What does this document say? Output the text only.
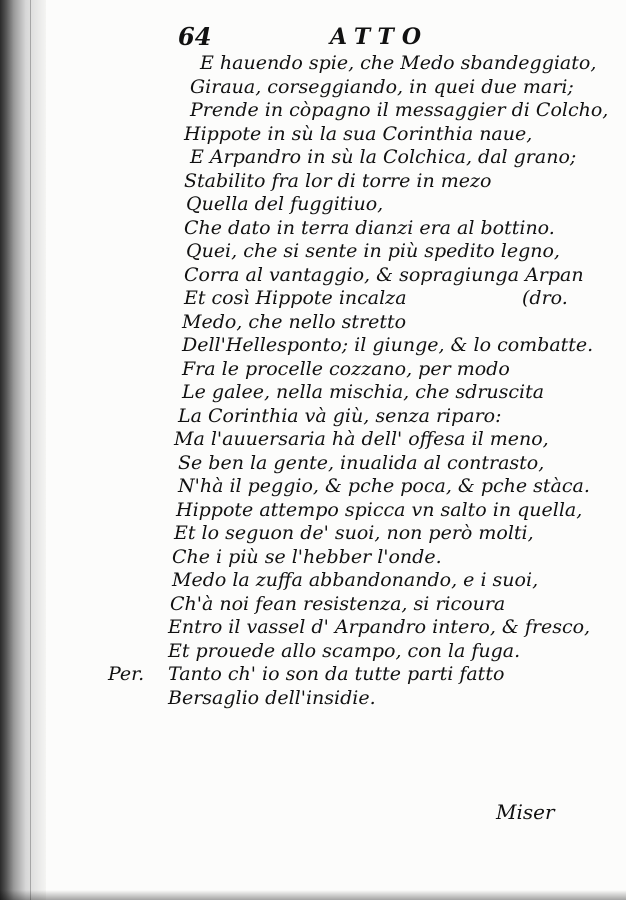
64	ATTO
E hauendo spie, che Medo sbandeggiato,
Giraua, corseggiando, in quei due mari;
Prende in còpagno il messaggier di Colcho,
Hippote in sù la sua Corinthia naue,
E Arpandro in sù la Colchica, dal grano;
Stabilito fra lor di torre in mezo
Quella del fuggitiuo,
Che dato in terra dianzi era al bottino.
Quei, che si sente in più spedito legno,
Corra al vantaggio, & sopragiunga Arpan
Et così Hippote incalza	(dro.
Medo, che nello stretto
Dell'Hellesponto; il giunge, & lo combatte.
Fra le procelle cozzano, per modo
Le galee, nella mischia, che sdruscita
La Corinthia và giù, senza riparo:
Ma l'auuersaria hà dell' offesa il meno,
Se ben la gente, inualida al contrasto,
N'hà il peggio, & pche poca, & pche stàca.
Hippote attempo spicca vn salto in quella,
Et lo seguon de' suoi, non però molti,
Che i più se l'hebber l'onde.
Medo la zuffa abbandonando, e i suoi,
Ch'à noi fean resistenza, si ricoura
Entro il vassel d' Arpandro intero, & fresco,
Et prouede allo scampo, con la fuga.
Per. Tanto ch' io son da tutte parti fatto
Bersaglio dell'insidie.
Miser
